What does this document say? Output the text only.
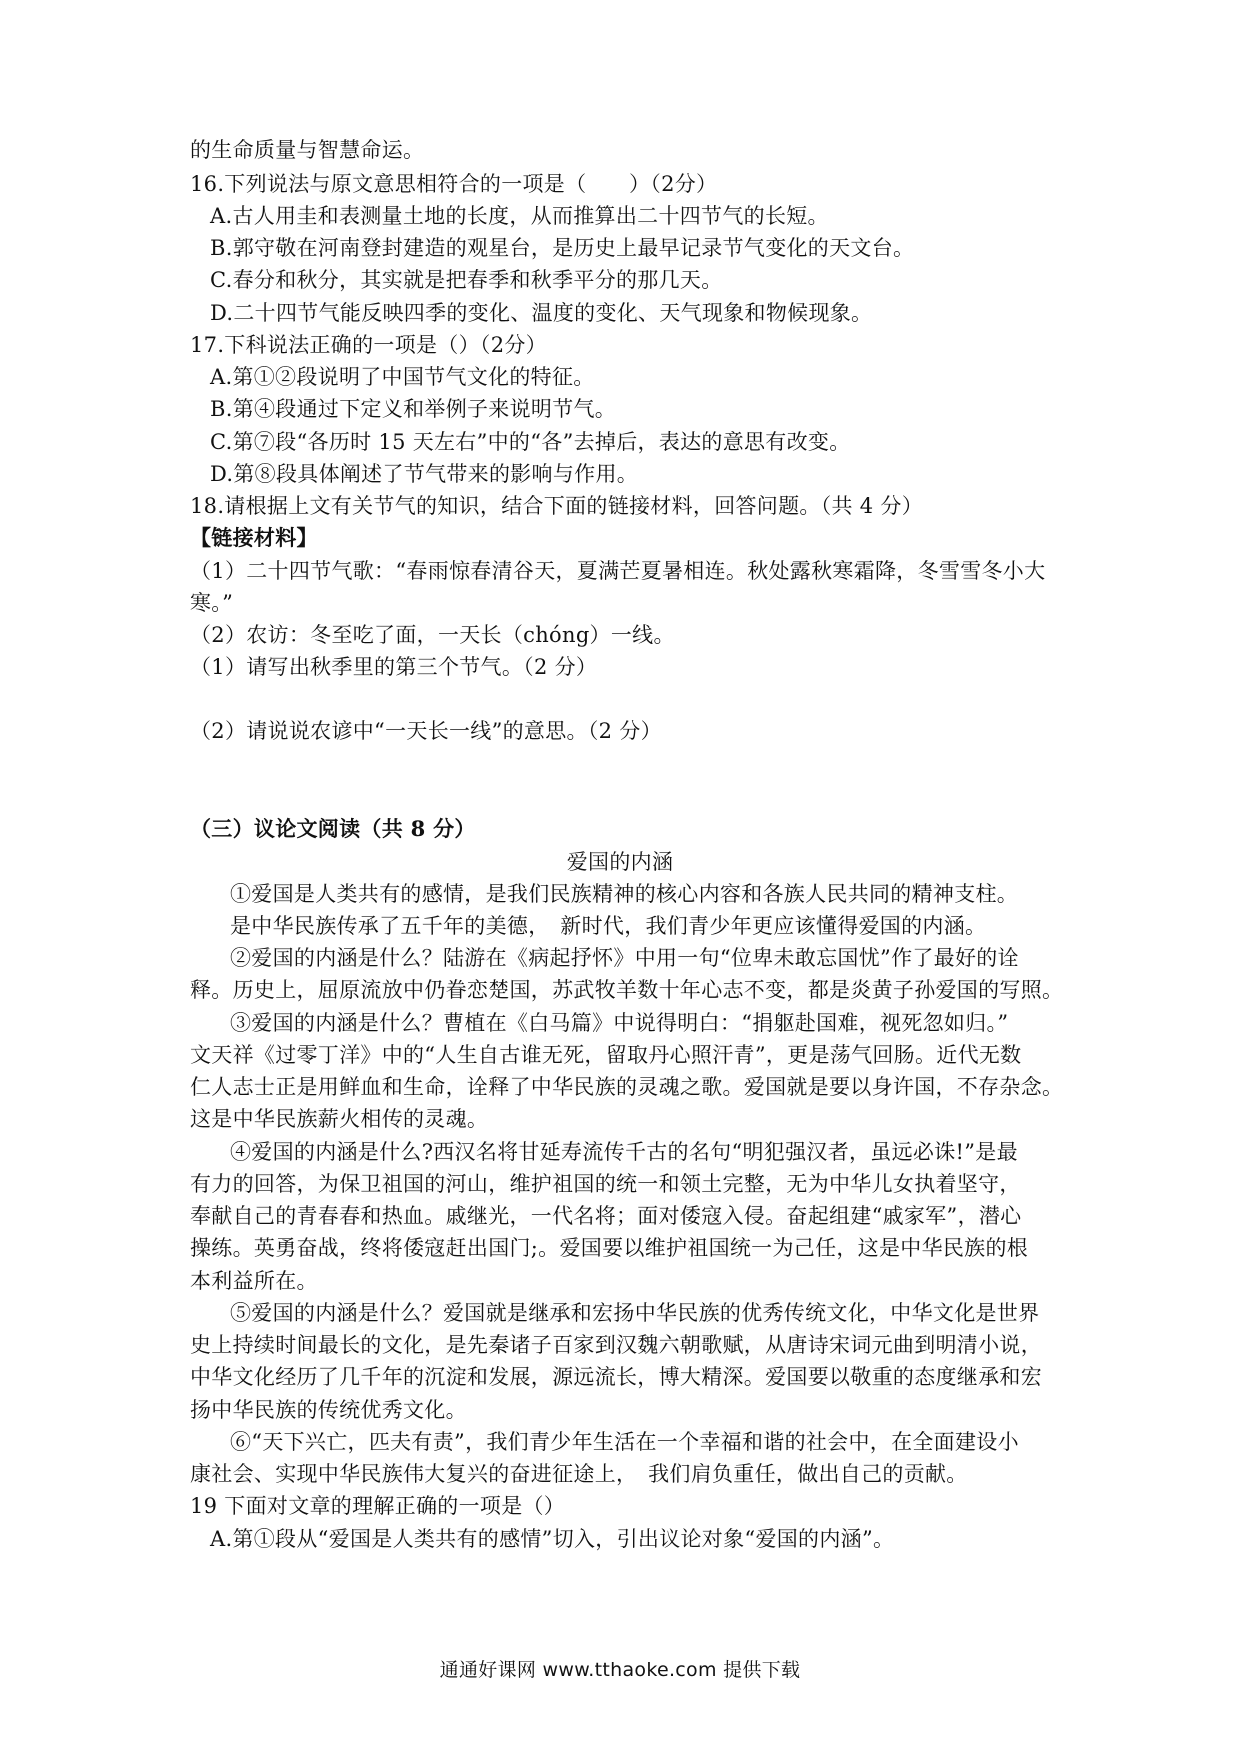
的生命质量与智慧命运。
16.下列说法与原文意思相符合的一项是（　　）（2分）
A.古人用圭和表测量土地的长度，从而推算出二十四节气的长短。
B.郭守敬在河南登封建造的观星台，是历史上最早记录节气变化的天文台。
C.春分和秋分，其实就是把春季和秋季平分的那几天。
D.二十四节气能反映四季的变化、温度的变化、天气现象和物候现象。
17.下科说法正确的一项是（）（2分）
A.第①②段说明了中国节气文化的特征。
B.第④段通过下定义和举例子来说明节气。
C.第⑦段“各历时 15 天左右”中的“各”去掉后，表达的意思有改变。
D.第⑧段具体阐述了节气带来的影响与作用。
18.请根据上文有关节气的知识，结合下面的链接材料，回答问题。（共 4 分）
【链接材料】
（1）二十四节气歌：“春雨惊春清谷天，夏满芒夏暑相连。秋处露秋寒霜降，冬雪雪冬小大
寒。”
（2）农访：冬至吃了面，一天长（chóng）一线。
（1）请写出秋季里的第三个节气。（2 分）
（2）请说说农谚中“一天长一线”的意思。（2 分）
（三）议论文阅读（共 8 分）
爱国的内涵
①爱国是人类共有的感情，是我们民族精神的核心内容和各族人民共同的精神支柱。
是中华民族传承了五千年的美德，　新时代，我们青少年更应该懂得爱国的内涵。
②爱国的内涵是什么？陆游在《病起抒怀》中用一句“位卑未敢忘国忧”作了最好的诠
释。历史上，屈原流放中仍眷恋楚国，苏武牧羊数十年心志不变，都是炎黄子孙爱国的写照。
③爱国的内涵是什么？曹植在《白马篇》中说得明白：“捐躯赴国难，视死忽如归。”
文天祥《过零丁洋》中的“人生自古谁无死，留取丹心照汗青”，更是荡气回肠。近代无数
仁人志士正是用鲜血和生命，诠释了中华民族的灵魂之歌。爱国就是要以身许国，不存杂念。
这是中华民族薪火相传的灵魂。
④爱国的内涵是什么?西汉名将甘延寿流传千古的名句“明犯强汉者，虽远必诛!”是最
有力的回答，为保卫祖国的河山，维护祖国的统一和领土完整，无为中华儿女执着坚守，
奉献自己的青春春和热血。戚继光，一代名将；面对倭寇入侵。奋起组建“戚家军”，潜心
操练。英勇奋战，终将倭寇赶出国门;。爱国要以维护祖国统一为己任，这是中华民族的根
本利益所在。
⑤爱国的内涵是什么？爱国就是继承和宏扬中华民族的优秀传统文化，中华文化是世界
史上持续时间最长的文化，是先秦诸子百家到汉魏六朝歌赋，从唐诗宋词元曲到明清小说，
中华文化经历了几千年的沉淀和发展，源远流长，博大精深。爱国要以敬重的态度继承和宏
扬中华民族的传统优秀文化。
⑥“天下兴亡，匹夫有责”，我们青少年生活在一个幸福和谐的社会中，在全面建设小
康社会、实现中华民族伟大复兴的奋进征途上，　我们肩负重任，做出自己的贡献。
19 下面对文章的理解正确的一项是（）
A.第①段从“爱国是人类共有的感情”切入，引出议论对象“爱国的内涵”。
通通好课网 www.tthaoke.com 提供下载
